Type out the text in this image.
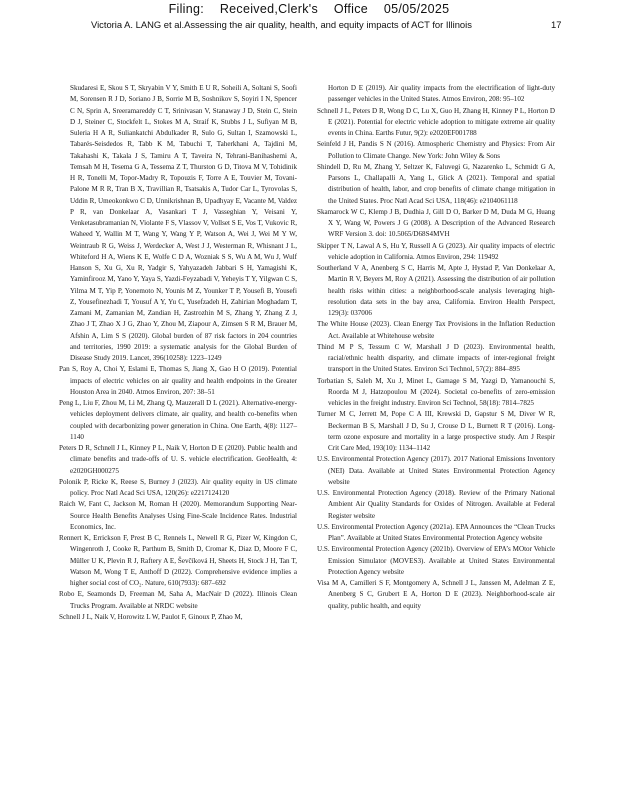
Filing: Received,Clerk's Office 05/05/2025
Victoria A. LANG et al.Assessing the air quality, health, and equity impacts of ACT for Illinois	17

Skudaresi E, Skou S T, Skryabin V Y, Smith E U R, Soheili A, Soltani S, Soofi M, Sorensen R J D, Soriano J B, Sorrie M B, Soshnikov S, Soyiri I N, Spencer C N, Sprin A, Sreeramareddy C T, Srinivasan V, Stanaway J D, Stein C, Stein D J, Steiner C, Stockfelt L, Stokes M A, Straif K, Stubbs J L, Sufiyan M B, Suleria H A R, Suliankatchi Abdulkader R, Sulo G, Sultan I, Szamowski L, Tabarés-Seisdedos R, Tabb K M, Tabuchi T, Taherkhani A, Tajdini M, Takahashi K, Takala J S, Tamiru A T, Taveira N, Tehrani-Banihashemi A, Temsah M H, Tesema G A, Tessema Z T, Thurston G D, Titova M V, Tohidinik H R, Tonelli M, Topor-Madry R, Topouzis F, Torre A E, Touvier M, Tovani-Palone M R R, Tran B X, Travillian R, Tsatsakis A, Tudor Car L, Tyrovolas S, Uddin R, Umeokonkwo C D, Unnikrishnan B, Upadhyay E, Vacante M, Valdez P R, van Donkelaar A, Vasankari T J, Vasseghian Y, Veisani Y, Venketasubramanian N, Violante F S, Vlassov V, Vollset S E, Vos T, Vukovic R, Waheed Y, Wallin M T, Wang Y, Wang Y P, Watson A, Wei J, Wei M Y W, Weintraub R G, Weiss J, Werdecker A, West J J, Westerman R, Whisnant J L, Whiteford H A, Wiens K E, Wolfe C D A, Wozniak S S, Wu A M, Wu J, Wulf Hanson S, Xu G, Xu R, Yadgir S, Yahyazadeh Jabbari S H, Yamagishi K, Yaminfirooz M, Yano Y, Yaya S, Yazdi-Feyzabadi V, Yeheyis T Y, Yilgwan C S, Yilma M T, Yip P, Yonemoto N, Younis M Z, Younker T P, Yousefi B, Yousefi Z, Yousefinezhadi T, Yousuf A Y, Yu C, Yusefzadeh H, Zahirian Moghadam T, Zamani M, Zamanian M, Zandian H, Zastrozhin M S, Zhang Y, Zhang Z J, Zhao J T, Zhao X J G, Zhao Y, Zhou M, Ziapour A, Zimsen S R M, Brauer M, Afshin A, Lim S S (2020). Global burden of 87 risk factors in 204 countries and territories, 1990 2019: a systematic analysis for the Global Burden of Disease Study 2019. Lancet, 396(10258): 1223–1249

Pan S, Roy A, Choi Y, Eslami E, Thomas S, Jiang X, Gao H O (2019). Potential impacts of electric vehicles on air quality and health endpoints in the Greater Houston Area in 2040. Atmos Environ, 207: 38–51

Peng L, Liu F, Zhou M, Li M, Zhang Q, Mauzerall D L (2021). Alternative-energy-vehicles deployment delivers climate, air quality, and health co-benefits when coupled with decarbonizing power generation in China. One Earth, 4(8): 1127–1140

Peters D R, Schnell J L, Kinney P L, Naik V, Horton D E (2020). Public health and climate benefits and trade-offs of U. S. vehicle electrification. GeoHealth, 4: e2020GH000275

Polonik P, Ricke K, Reese S, Burney J (2023). Air quality equity in US climate policy. Proc Natl Acad Sci USA, 120(26): e2217124120

Raich W, Fant C, Jackson M, Roman H (2020). Memorandum Supporting Near-Source Health Benefits Analyses Using Fine-Scale Incidence Rates. Industrial Economics, Inc.

Rennert K, Errickson F, Prest B C, Rennels L, Newell R G, Pizer W, Kingdon C, Wingenroth J, Cooke R, Parthum B, Smith D, Cromar K, Diaz D, Moore F C, Müller U K, Plevin R J, Raftery A E, Ševčíková H, Sheets H, Stock J H, Tan T, Watson M, Wong T E, Anthoff D (2022). Comprehensive evidence implies a higher social cost of CO₂. Nature, 610(7933): 687–692

Robo E, Seamonds D, Freeman M, Saha A, MacNair D (2022). Illinois Clean Trucks Program. Available at NRDC website

Schnell J L, Naik V, Horowitz L W, Paulot F, Ginoux P, Zhao M,

Horton D E (2019). Air quality impacts from the electrification of light-duty passenger vehicles in the United States. Atmos Environ, 208: 95–102

Schnell J L, Peters D R, Wong D C, Lu X, Guo H, Zhang H, Kinney P L, Horton D E (2021). Potential for electric vehicle adoption to mitigate extreme air quality events in China. Earths Futur, 9(2): e2020EF001788

Seinfeld J H, Pandis S N (2016). Atmospheric Chemistry and Physics: From Air Pollution to Climate Change. New York: John Wiley & Sons

Shindell D, Ru M, Zhang Y, Seltzer K, Faluvegi G, Nazarenko L, Schmidt G A, Parsons L, Challapalli A, Yang L, Glick A (2021). Temporal and spatial distribution of health, labor, and crop benefits of climate change mitigation in the United States. Proc Natl Acad Sci USA, 118(46): e2104061118

Skamarock W C, Klemp J B, Dudhia J, Gill D O, Barker D M, Duda M G, Huang X Y, Wang W, Powers J G (2008). A Description of the Advanced Research WRF Version 3. doi: 10.5065/D68S4MVH

Skipper T N, Lawal A S, Hu Y, Russell A G (2023). Air quality impacts of electric vehicle adoption in California. Atmos Environ, 294: 119492

Southerland V A, Anenberg S C, Harris M, Apte J, Hystad P, Van Donkelaar A, Martin R V, Beyers M, Roy A (2021). Assessing the distribution of air pollution health risks within cities: a neighborhood-scale analysis leveraging high-resolution data sets in the bay area, California. Environ Health Perspect, 129(3): 037006

The White House (2023). Clean Energy Tax Provisions in the Inflation Reduction Act. Available at Whitehouse website

Thind M P S, Tessum C W, Marshall J D (2023). Environmental health, racial/ethnic health disparity, and climate impacts of inter-regional freight transport in the United States. Environ Sci Technol, 57(2): 884–895

Torbatian S, Saleh M, Xu J, Minet L, Gamage S M, Yazgi D, Yamanouchi S, Roorda M J, Hatzopoulou M (2024). Societal co-benefits of zero-emission vehicles in the freight industry. Environ Sci Technol, 58(18): 7814–7825

Turner M C, Jerrett M, Pope C A III, Krewski D, Gapstur S M, Diver W R, Beckerman B S, Marshall J D, Su J, Crouse D L, Burnett R T (2016). Long-term ozone exposure and mortality in a large prospective study. Am J Respir Crit Care Med, 193(10): 1134–1142

U.S. Environmental Protection Agency (2017). 2017 National Emissions Inventory (NEI) Data. Available at United States Environmental Protection Agency website

U.S. Environmental Protection Agency (2018). Review of the Primary National Ambient Air Quality Standards for Oxides of Nitrogen. Available at Federal Register website

U.S. Environmental Protection Agency (2021a). EPA Announces the “Clean Trucks Plan”. Available at United States Environmental Protection Agency website

U.S. Environmental Protection Agency (2021b). Overview of EPA’s MOtor Vehicle Emission Simulator (MOVES3). Available at United States Environmental Protection Agency website

Visa M A, Camilleri S F, Montgomery A, Schnell J L, Janssen M, Adelman Z E, Anenberg S C, Grubert E A, Horton D E (2023). Neighborhood-scale air quality, public health, and equity
